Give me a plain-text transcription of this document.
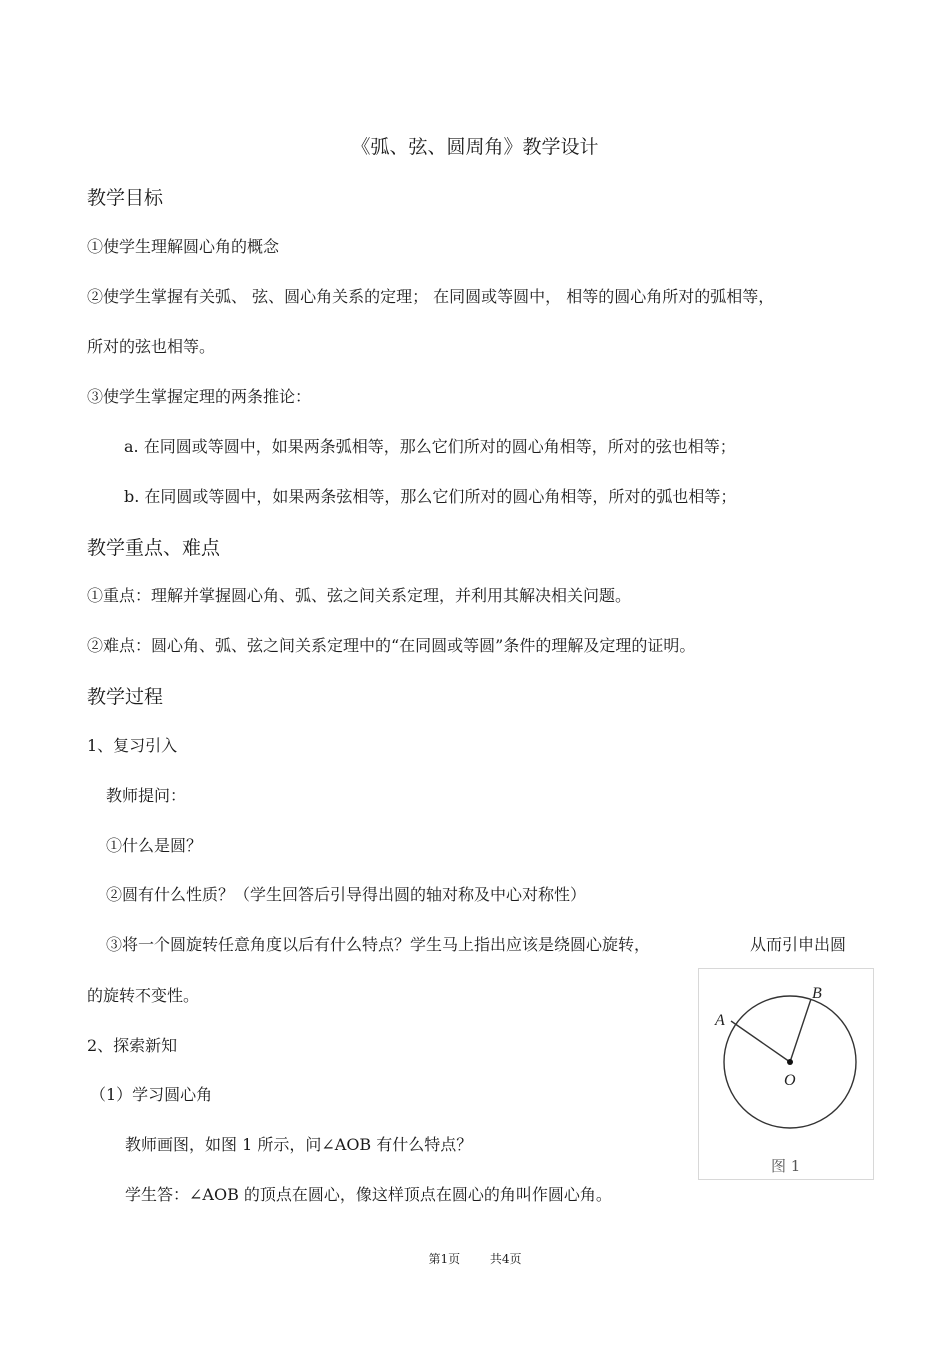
《弧、弦、圆周角》教学设计
教学目标
①使学生理解圆心角的概念
②使学生掌握有关弧、 弦、圆心角关系的定理； 在同圆或等圆中， 相等的圆心角所对的弧相等，
所对的弦也相等。
③使学生掌握定理的两条推论：
a. 在同圆或等圆中，如果两条弧相等，那么它们所对的圆心角相等，所对的弦也相等；
b. 在同圆或等圆中，如果两条弦相等，那么它们所对的圆心角相等，所对的弧也相等；
教学重点、难点
①重点：理解并掌握圆心角、弧、弦之间关系定理，并利用其解决相关问题。
②难点：圆心角、弧、弦之间关系定理中的“在同圆或等圆”条件的理解及定理的证明。
教学过程
1、复习引入
教师提问：
①什么是圆？
②圆有什么性质？（学生回答后引导得出圆的轴对称及中心对称性）
③将一个圆旋转任意角度以后有什么特点？学生马上指出应该是绕圆心旋转，	从而引申出圆
的旋转不变性。
2、探索新知
（1）学习圆心角
教师画图，如图 1 所示，问∠AOB 有什么特点？
学生答：∠AOB 的顶点在圆心，像这样顶点在圆心的角叫作圆心角。
A
B
O
图 1
第1页 共4页
